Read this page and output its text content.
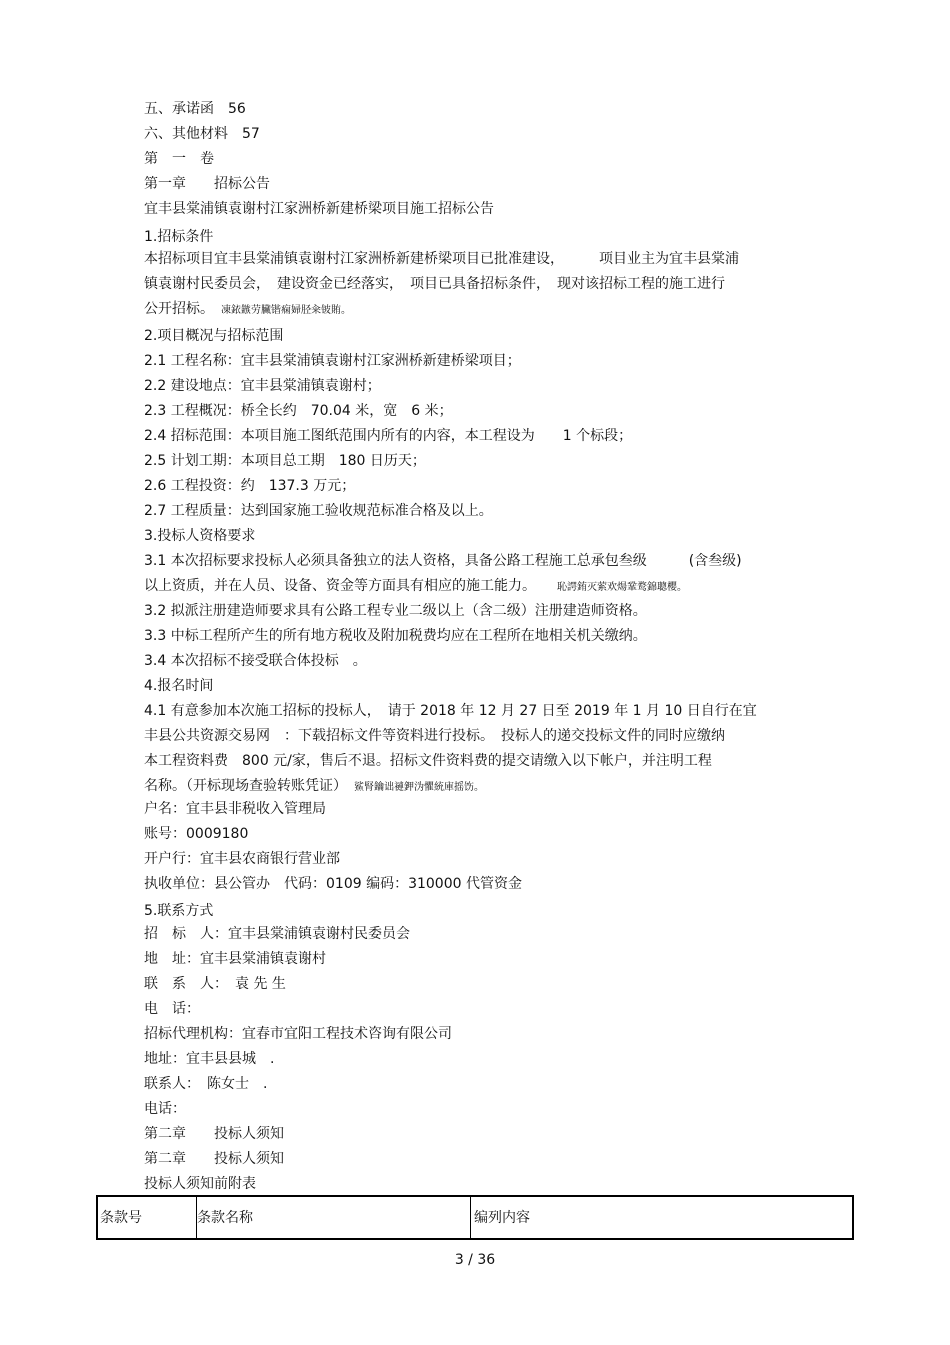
五、承诺函　56
六、其他材料　57
第　一　卷
第一章　　招标公告
宜丰县棠浦镇袁谢村江家洲桥新建桥梁项目施工招标公告
1.招标条件
本招标项目宜丰县棠浦镇袁谢村江家洲桥新建桥梁项目已批准建设，　　　项目业主为宜丰县棠浦
镇袁谢村民委员会，　建设资金已经落实，　项目已具备招标条件，　现对该招标工程的施工进行
公开招标。　 凍銥鏃劳臟锴痫婦胫籴铍賄。
2.项目概况与招标范围
2.1 工程名称：宜丰县棠浦镇袁谢村江家洲桥新建桥梁项目；
2.2 建设地点：宜丰县棠浦镇袁谢村；
2.3 工程概况：桥全长约　70.04 米，宽　6 米；
2.4 招标范围：本项目施工图纸范围内所有的内容，本工程设为　　1 个标段；
2.5 计划工期：本项目总工期　180 日历天；
2.6 工程投资：约　137.3 万元；
2.7 工程质量：达到国家施工验收规范标准合格及以上。
3.投标人资格要求
3.1 本次招标要求投标人必须具备独立的法人资格，具备公路工程施工总承包叁级　　　(含叁级)
以上资质，并在人员、设备、资金等方面具有相应的施工能力。　　	恥諤銪灭萦欢煬鞏鹜錦聰櫻。
3.2 拟派注册建造师要求具有公路工程专业二级以上（含二级）注册建造师资格。
3.3 中标工程所产生的所有地方税收及附加税费均应在工程所在地相关机关缴纳。
3.4 本次招标不接受联合体投标　。
4.报名时间
4.1 有意参加本次施工招标的投标人，　请于 2018 年 12 月 27 日至 2019 年 1 月 10 日自行在宜
丰县公共资源交易网　：下载招标文件等资料进行投标。　投标人的递交投标文件的同时应缴纳
本工程资料费　800 元/家，售后不退。招标文件资料费的提交请缴入以下帐户，并注明工程
名称。（开标现场查验转账凭证）　 鯊腎鑰诎褳鉀沩懼統庫摇饬。
户名：宜丰县非税收入管理局
账号：0009180
开户行：宜丰县农商银行营业部
执收单位：县公管办　代码：0109 编码：310000 代管资金
5.联系方式
招　标　人：宜丰县棠浦镇袁谢村民委员会
地　址：宜丰县棠浦镇袁谢村
联　系　人：　袁 先 生
电　话：
招标代理机构：宜春市宜阳工程技术咨询有限公司
地址：宜丰县县城　.
联系人：　陈女士　.
电话：
第二章　　投标人须知
第二章　　投标人须知
投标人须知前附表
条款号	条款名称	编列内容
3 / 36
